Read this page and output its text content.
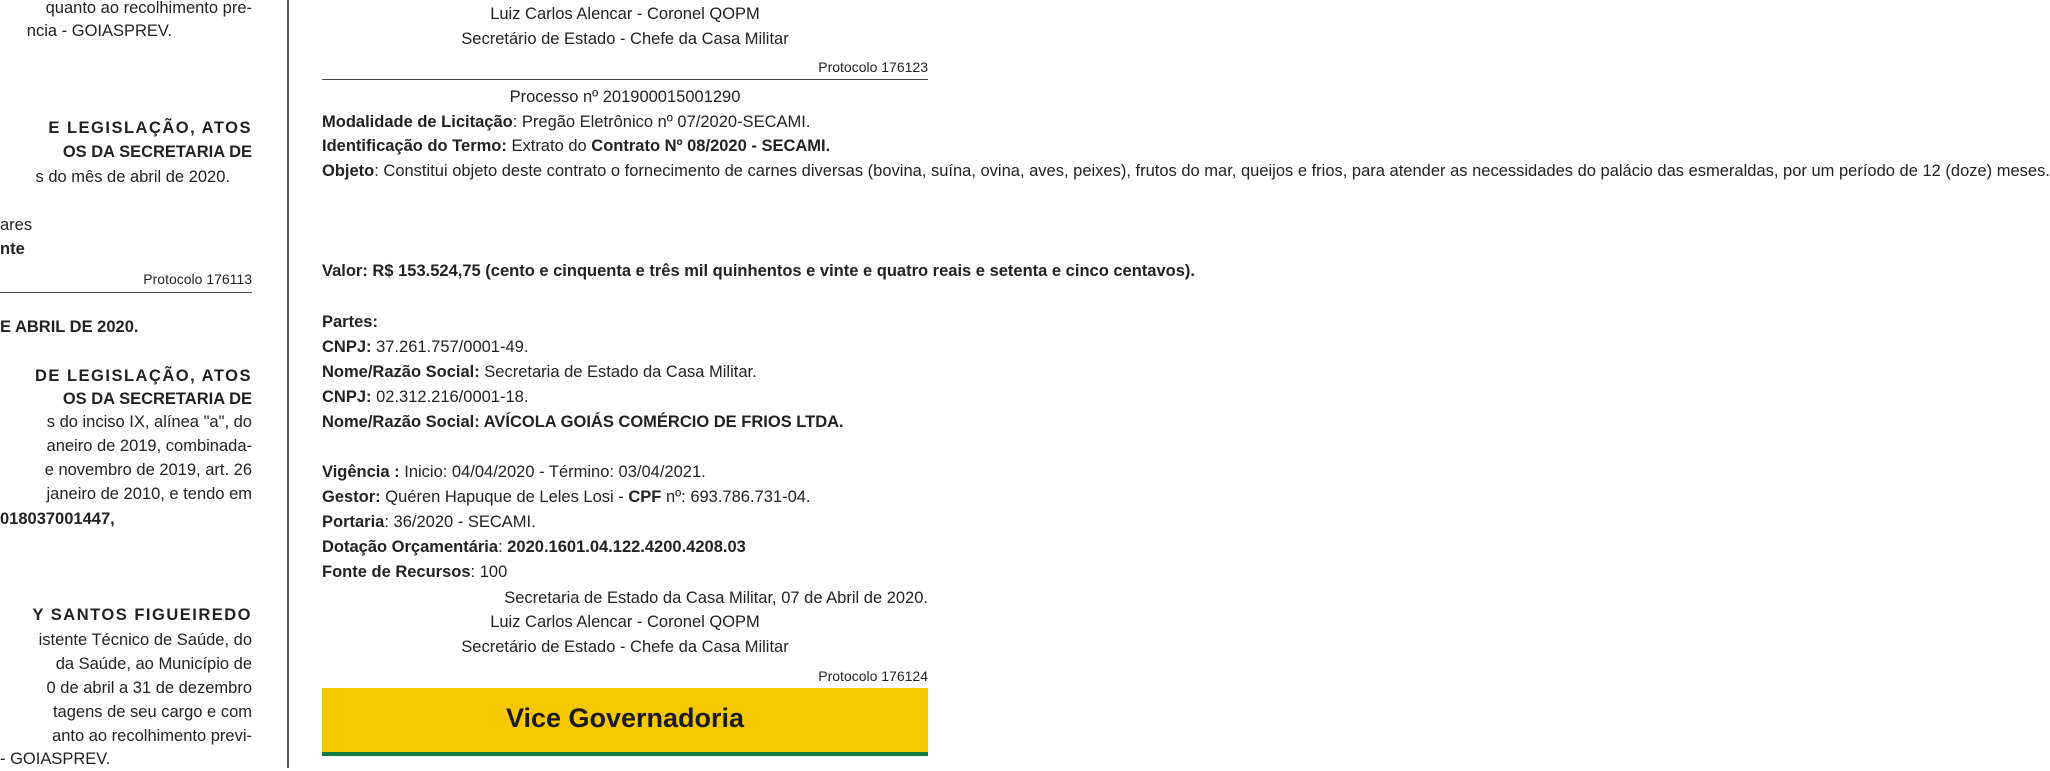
quanto ao recolhimento pre-
ncia - GOIASPREV.
E LEGISLAÇÃO, ATOS
OS DA SECRETARIA DE
s do mês de abril de 2020.
ares
nte
Protocolo 176113
E ABRIL DE 2020.
DE LEGISLAÇÃO, ATOS
OS DA SECRETARIA DE
s do inciso IX, alínea "a", do
aneiro de 2019, combinada-
e novembro de 2019, art. 26
janeiro de 2010, e tendo em
018037001447,
Y SANTOS FIGUEIREDO
istente Técnico de Saúde, do
da Saúde, ao Município de
0 de abril a 31 de dezembro
tagens de seu cargo e com
anto ao recolhimento previ-
- GOIASPREV.
Luiz Carlos Alencar - Coronel QOPM
Secretário de Estado - Chefe da Casa Militar
Protocolo 176123
Processo nº 201900015001290
Modalidade de Licitação: Pregão Eletrônico nº 07/2020-SECAMI.
Identificação do Termo: Extrato do Contrato Nº 08/2020 - SECAMI.
Objeto: Constitui objeto deste contrato o fornecimento de carnes diversas (bovina, suína, ovina, aves, peixes), frutos do mar, queijos e frios, para atender as necessidades do palácio das esmeraldas, por um período de 12 (doze) meses.
Valor: R$ 153.524,75 (cento e cinquenta e três mil quinhentos e vinte e quatro reais e setenta e cinco centavos).
Partes:
CNPJ: 37.261.757/0001-49.
Nome/Razão Social: Secretaria de Estado da Casa Militar.
CNPJ: 02.312.216/0001-18.
Nome/Razão Social: AVÍCOLA GOIÁS COMÉRCIO DE FRIOS LTDA.
Vigência : Inicio: 04/04/2020 - Término: 03/04/2021.
Gestor: Quéren Hapuque de Leles Losi - CPF nº: 693.786.731-04.
Portaria: 36/2020 - SECAMI.
Dotação Orçamentária: 2020.1601.04.122.4200.4208.03
Fonte de Recursos: 100
Secretaria de Estado da Casa Militar, 07 de Abril de 2020.
Luiz Carlos Alencar - Coronel QOPM
Secretário de Estado - Chefe da Casa Militar
Protocolo 176124
Vice Governadoria
